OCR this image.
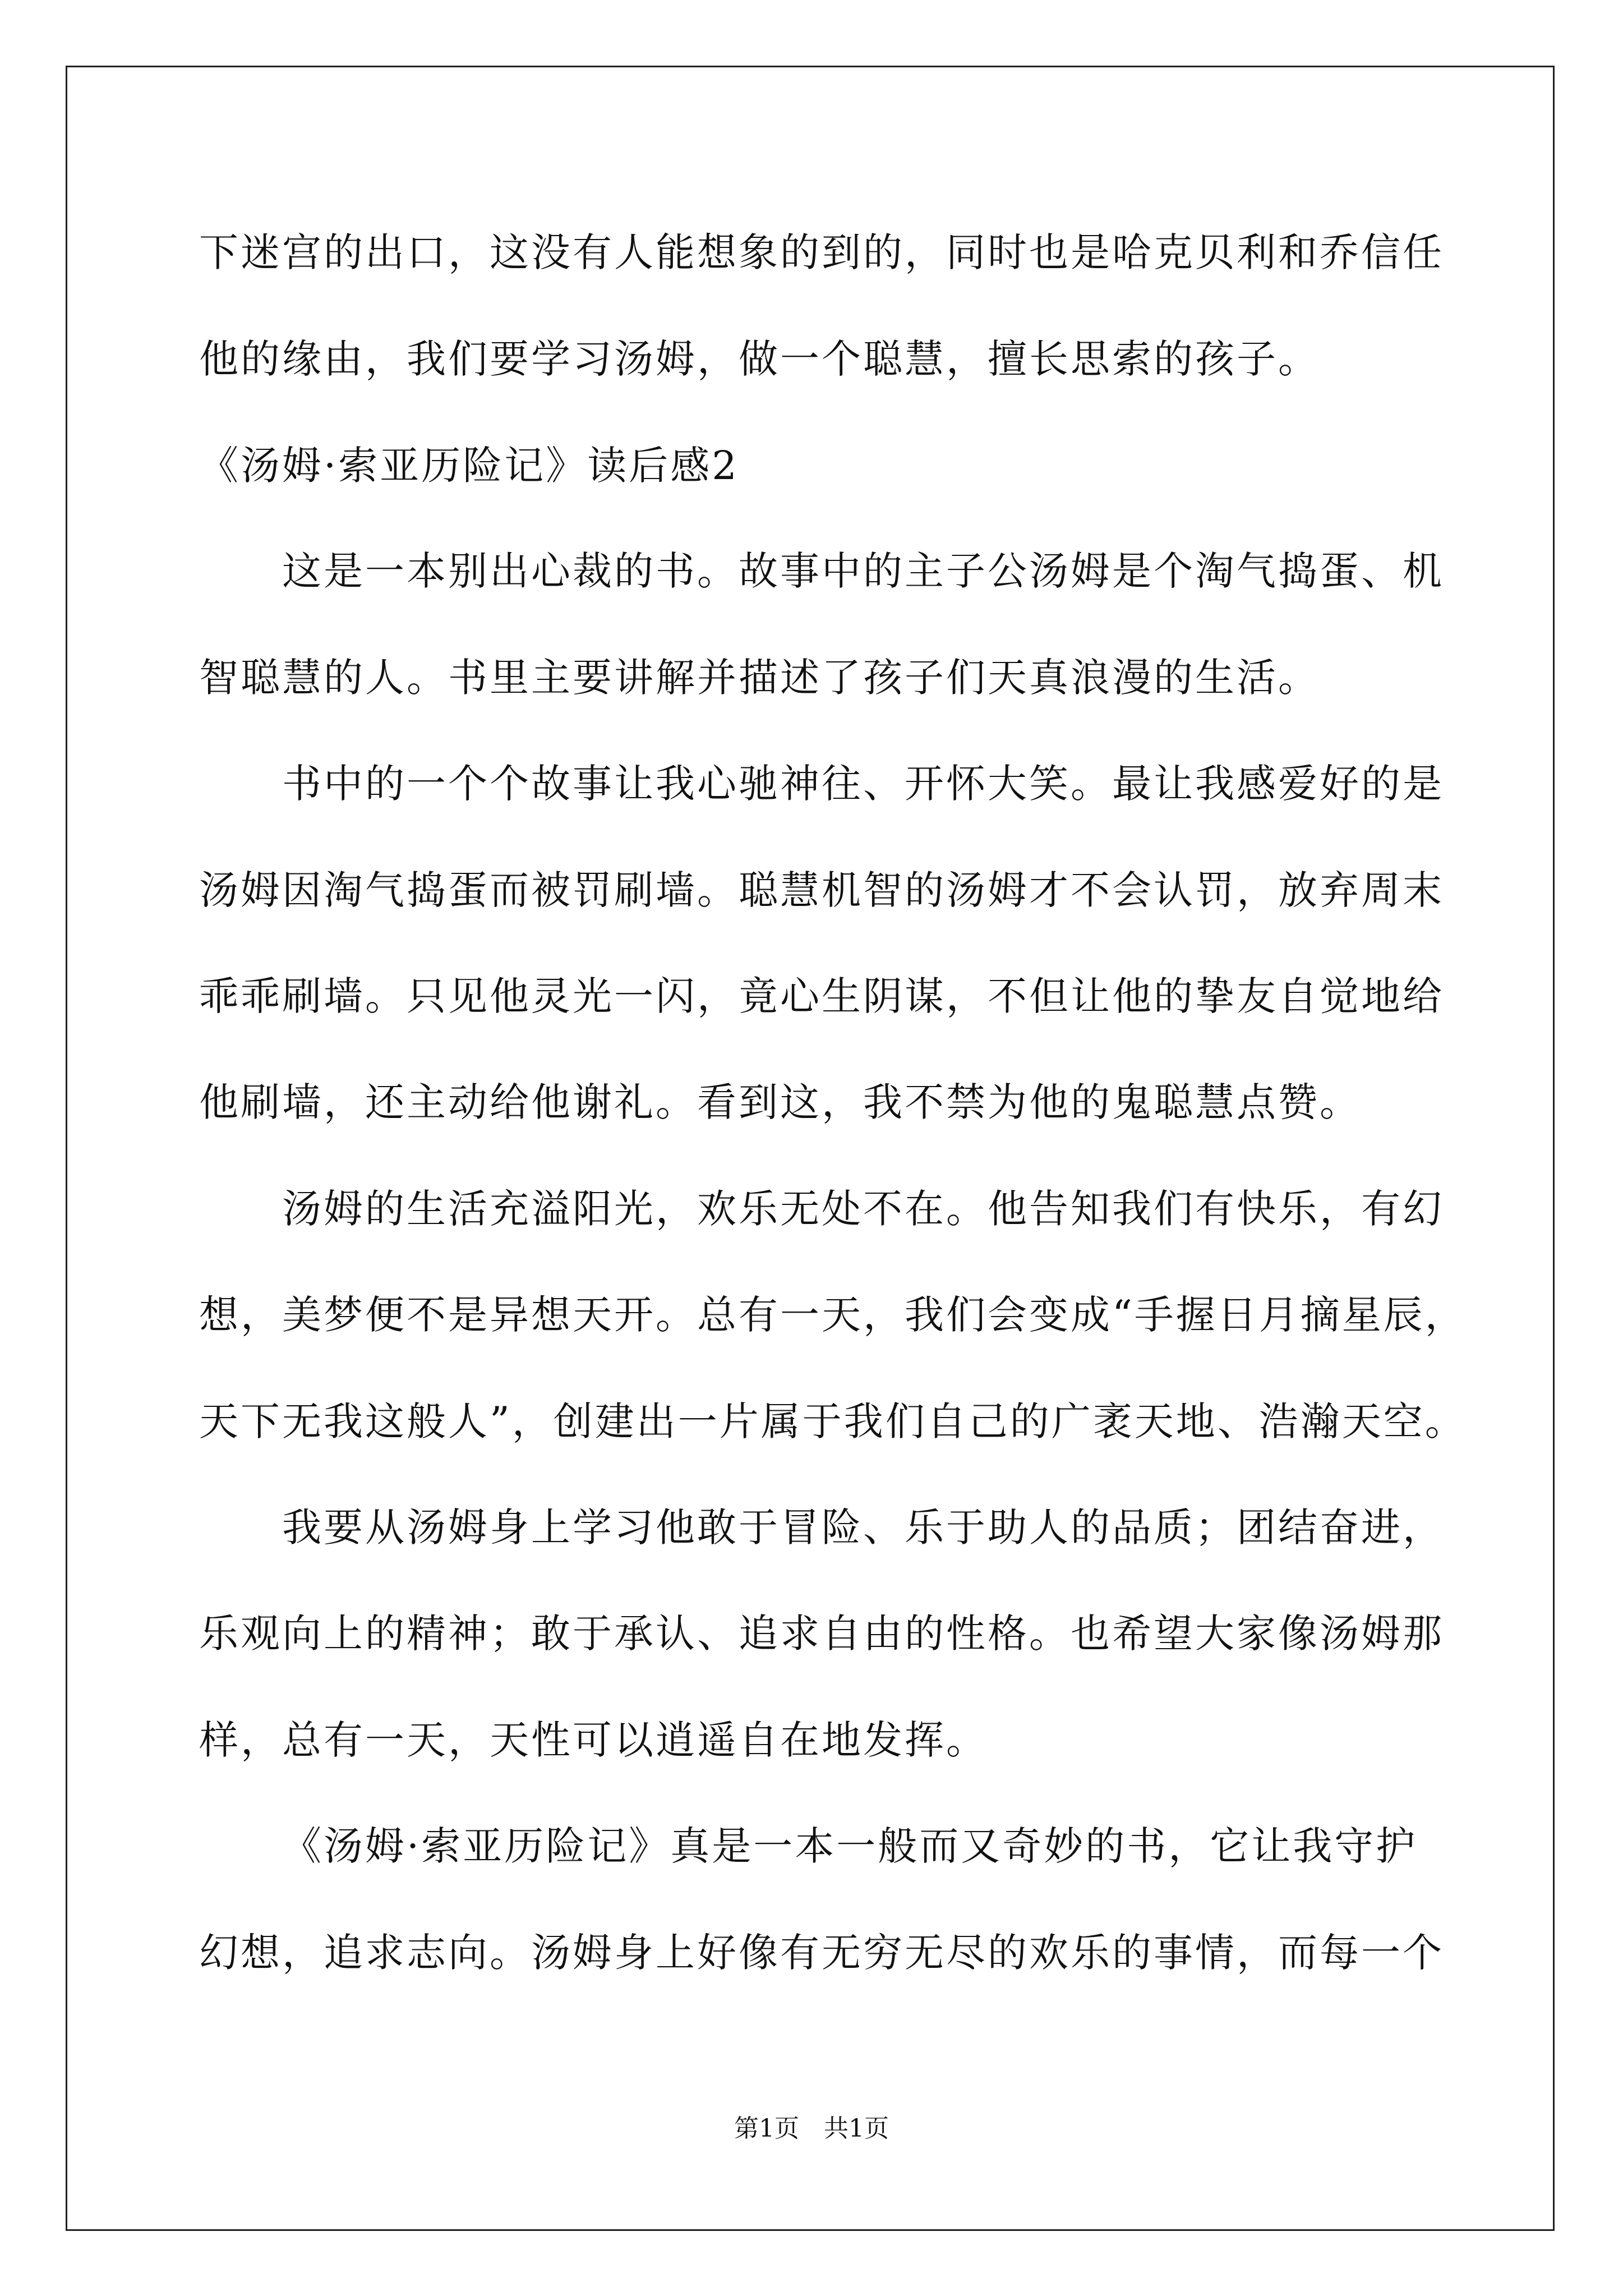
下迷宫的出口，这没有人能想象的到的，同时也是哈克贝利和乔信任
他的缘由，我们要学习汤姆，做一个聪慧，擅长思索的孩子。
《汤姆·索亚历险记》读后感2
这是一本别出心裁的书。故事中的主子公汤姆是个淘气捣蛋、机
智聪慧的人。书里主要讲解并描述了孩子们天真浪漫的生活。
书中的一个个故事让我心驰神往、开怀大笑。最让我感爱好的是
汤姆因淘气捣蛋而被罚刷墙。聪慧机智的汤姆才不会认罚，放弃周末
乖乖刷墙。只见他灵光一闪，竟心生阴谋，不但让他的挚友自觉地给
他刷墙，还主动给他谢礼。看到这，我不禁为他的鬼聪慧点赞。
汤姆的生活充溢阳光，欢乐无处不在。他告知我们有快乐，有幻
想，美梦便不是异想天开。总有一天，我们会变成“手握日月摘星辰，
天下无我这般人”，创建出一片属于我们自己的广袤天地、浩瀚天空。
我要从汤姆身上学习他敢于冒险、乐于助人的品质；团结奋进，
乐观向上的精神；敢于承认、追求自由的性格。也希望大家像汤姆那
样，总有一天，天性可以逍遥自在地发挥。
《汤姆·索亚历险记》真是一本一般而又奇妙的书，它让我守护
幻想，追求志向。汤姆身上好像有无穷无尽的欢乐的事情，而每一个
第1页　共1页
